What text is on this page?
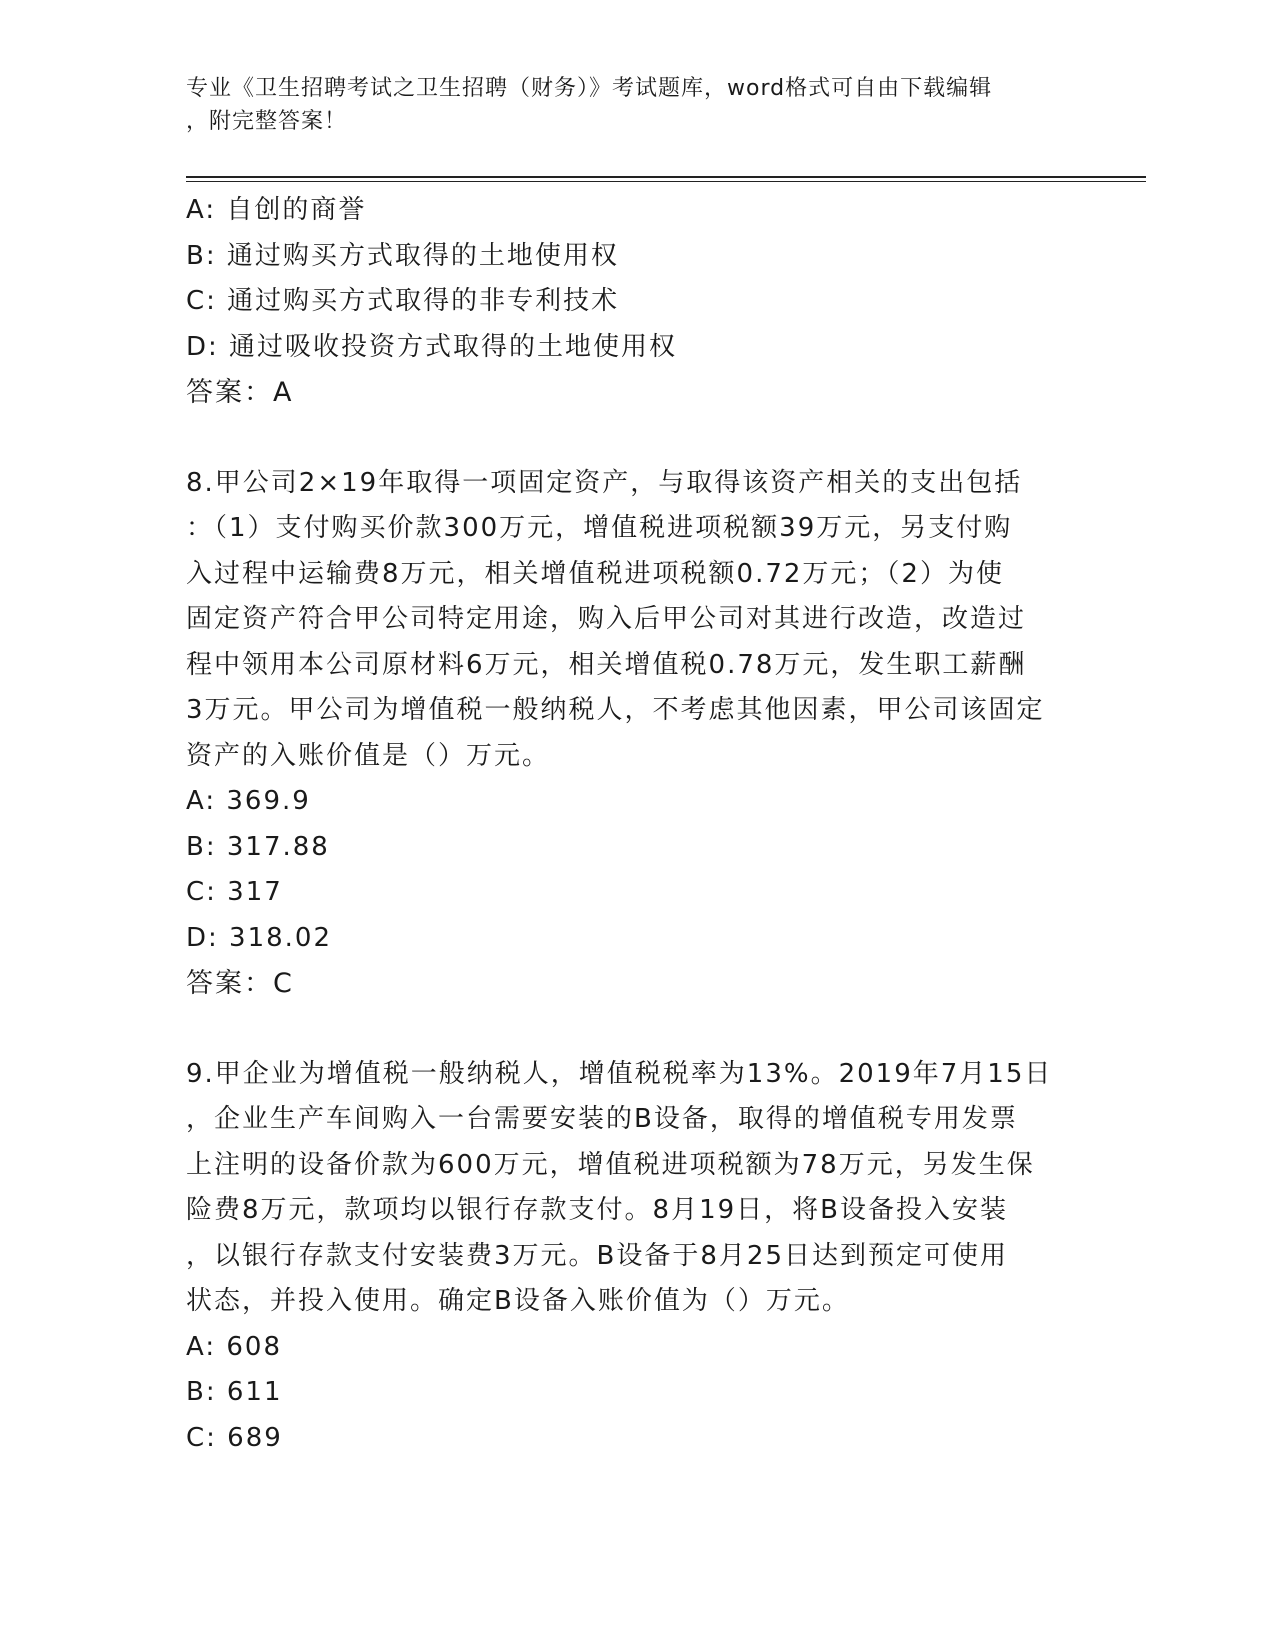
专业《卫生招聘考试之卫生招聘（财务）》考试题库，word格式可自由下载编辑
，附完整答案！
A: 自创的商誉
B: 通过购买方式取得的土地使用权
C: 通过购买方式取得的非专利技术
D: 通过吸收投资方式取得的土地使用权
答案：A
8.甲公司2×19年取得一项固定资产，与取得该资产相关的支出包括
：（1）支付购买价款300万元，增值税进项税额39万元，另支付购
入过程中运输费8万元，相关增值税进项税额0.72万元；（2）为使
固定资产符合甲公司特定用途，购入后甲公司对其进行改造，改造过
程中领用本公司原材料6万元，相关增值税0.78万元，发生职工薪酬
3万元。甲公司为增值税一般纳税人，不考虑其他因素，甲公司该固定
资产的入账价值是（）万元。
A: 369.9
B: 317.88
C: 317
D: 318.02
答案：C
9.甲企业为增值税一般纳税人，增值税税率为13%。2019年7月15日
，企业生产车间购入一台需要安装的B设备，取得的增值税专用发票
上注明的设备价款为600万元，增值税进项税额为78万元，另发生保
险费8万元，款项均以银行存款支付。8月19日，将B设备投入安装
，以银行存款支付安装费3万元。B设备于8月25日达到预定可使用
状态，并投入使用。确定B设备入账价值为（）万元。
A: 608
B: 611
C: 689
